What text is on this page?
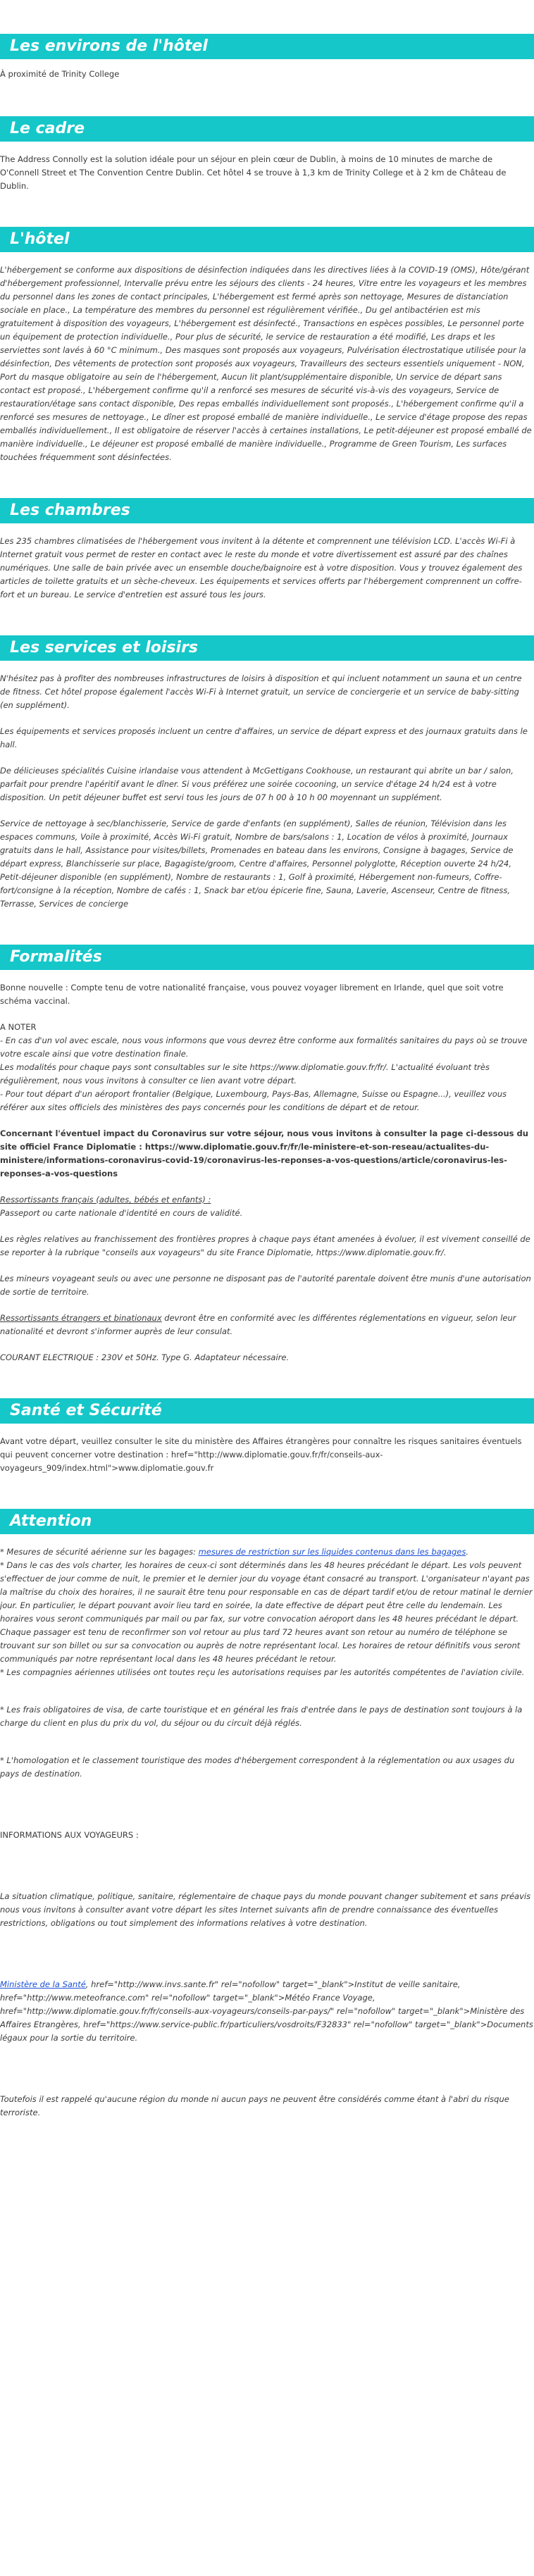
Les environs de l'hôtel

À proximité de Trinity College

Le cadre

The Address Connolly est la solution idéale pour un séjour en plein cœur de Dublin, à moins de 10 minutes de marche de O'Connell Street et The Convention Centre Dublin. Cet hôtel 4 se trouve à 1,3 km de Trinity College et à 2 km de Château de Dublin.

L'hôtel

L'hébergement se conforme aux dispositions de désinfection indiquées dans les directives liées à la COVID-19 (OMS), Hôte/gérant d'hébergement professionnel, Intervalle prévu entre les séjours des clients - 24 heures, Vitre entre les voyageurs et les membres du personnel dans les zones de contact principales, L'hébergement est fermé après son nettoyage, Mesures de distanciation sociale en place., La température des membres du personnel est régulièrement vérifiée., Du gel antibactérien est mis gratuitement à disposition des voyageurs, L'hébergement est désinfecté., Transactions en espèces possibles, Le personnel porte un équipement de protection individuelle., Pour plus de sécurité, le service de restauration a été modifié, Les draps et les serviettes sont lavés à 60 °C minimum., Des masques sont proposés aux voyageurs, Pulvérisation électrostatique utilisée pour la désinfection, Des vêtements de protection sont proposés aux voyageurs, Travailleurs des secteurs essentiels uniquement - NON, Port du masque obligatoire au sein de l'hébergement, Aucun lit plant/supplémentaire disponible, Un service de départ sans contact est proposé., L'hébergement confirme qu'il a renforcé ses mesures de sécurité vis-à-vis des voyageurs, Service de restauration/étage sans contact disponible, Des repas emballés individuellement sont proposés., L'hébergement confirme qu'il a renforcé ses mesures de nettoyage., Le dîner est proposé emballé de manière individuelle., Le service d'étage propose des repas emballés individuellement., Il est obligatoire de réserver l'accès à certaines installations, Le petit-déjeuner est proposé emballé de manière individuelle., Le déjeuner est proposé emballé de manière individuelle., Programme de Green Tourism, Les surfaces touchées fréquemment sont désinfectées.

Les chambres

Les 235 chambres climatisées de l'hébergement vous invitent à la détente et comprennent une télévision LCD. L'accès Wi-Fi à Internet gratuit vous permet de rester en contact avec le reste du monde et votre divertissement est assuré par des chaînes numériques. Une salle de bain privée avec un ensemble douche/baignoire est à votre disposition. Vous y trouvez également des articles de toilette gratuits et un sèche-cheveux. Les équipements et services offerts par l'hébergement comprennent un coffre-fort et un bureau. Le service d'entretien est assuré tous les jours.

Les services et loisirs

N'hésitez pas à profiter des nombreuses infrastructures de loisirs à disposition et qui incluent notamment un sauna et un centre de fitness. Cet hôtel propose également l'accès Wi-Fi à Internet gratuit, un service de conciergerie et un service de baby-sitting (en supplément).

Les équipements et services proposés incluent un centre d'affaires, un service de départ express et des journaux gratuits dans le hall.

De délicieuses spécialités Cuisine irlandaise vous attendent à McGettigans Cookhouse, un restaurant qui abrite un bar / salon, parfait pour prendre l'apéritif avant le dîner. Si vous préférez une soirée cocooning, un service d'étage 24 h/24 est à votre disposition. Un petit déjeuner buffet est servi tous les jours de 07 h 00 à 10 h 00 moyennant un supplément.

Service de nettoyage à sec/blanchisserie, Service de garde d'enfants (en supplément), Salles de réunion, Télévision dans les espaces communs, Voile à proximité, Accès Wi-Fi gratuit, Nombre de bars/salons : 1, Location de vélos à proximité, Journaux gratuits dans le hall, Assistance pour visites/billets, Promenades en bateau dans les environs, Consigne à bagages, Service de départ express, Blanchisserie sur place, Bagagiste/groom, Centre d'affaires, Personnel polyglotte, Réception ouverte 24 h/24, Petit-déjeuner disponible (en supplément), Nombre de restaurants : 1, Golf à proximité, Hébergement non-fumeurs, Coffre-fort/consigne à la réception, Nombre de cafés : 1, Snack bar et/ou épicerie fine, Sauna, Laverie, Ascenseur, Centre de fitness, Terrasse, Services de concierge

Formalités

Bonne nouvelle : Compte tenu de votre nationalité française, vous pouvez voyager librement en Irlande, quel que soit votre schéma vaccinal.

A NOTER

- En cas d'un vol avec escale, nous vous informons que vous devrez être conforme aux formalités sanitaires du pays où se trouve votre escale ainsi que votre destination finale.

Les modalités pour chaque pays sont consultables sur le site https://www.diplomatie.gouv.fr/fr/. L'actualité évoluant très régulièrement, nous vous invitons à consulter ce lien avant votre départ.

- Pour tout départ d'un aéroport frontalier (Belgique, Luxembourg, Pays-Bas, Allemagne, Suisse ou Espagne...), veuillez vous référer aux sites officiels des ministères des pays concernés pour les conditions de départ et de retour.

Concernant l'éventuel impact du Coronavirus sur votre séjour, nous vous invitons à consulter la page ci-dessous du site officiel France Diplomatie : https://www.diplomatie.gouv.fr/fr/le-ministere-et-son-reseau/actualites-du-ministere/informations-coronavirus-covid-19/coronavirus-les-reponses-a-vos-questions/article/coronavirus-les-reponses-a-vos-questions

Ressortissants français (adultes, bébés et enfants) :

Passeport ou carte nationale d'identité en cours de validité.

Les règles relatives au franchissement des frontières propres à chaque pays étant amenées à évoluer, il est vivement conseillé de se reporter à la rubrique "conseils aux voyageurs" du site France Diplomatie, https://www.diplomatie.gouv.fr/.

Les mineurs voyageant seuls ou avec une personne ne disposant pas de l'autorité parentale doivent être munis d'une autorisation de sortie de territoire.

Ressortissants étrangers et binationaux devront être en conformité avec les différentes réglementations en vigueur, selon leur nationalité et devront s'informer auprès de leur consulat.

COURANT ELECTRIQUE : 230V et 50Hz. Type G. Adaptateur nécessaire.

Santé et Sécurité

Avant votre départ, veuillez consulter le site du ministère des Affaires étrangères pour connaître les risques sanitaires éventuels qui peuvent concerner votre destination : href="http://www.diplomatie.gouv.fr/fr/conseils-aux-voyageurs_909/index.html">www.diplomatie.gouv.fr

Attention

* Mesures de sécurité aérienne sur les bagages: mesures de restriction sur les liquides contenus dans les bagages.

* Dans le cas des vols charter, les horaires de ceux-ci sont déterminés dans les 48 heures précédant le départ. Les vols peuvent s'effectuer de jour comme de nuit, le premier et le dernier jour du voyage étant consacré au transport. L'organisateur n'ayant pas la maîtrise du choix des horaires, il ne saurait être tenu pour responsable en cas de départ tardif et/ou de retour matinal le dernier jour. En particulier, le départ pouvant avoir lieu tard en soirée, la date effective de départ peut être celle du lendemain. Les horaires vous seront communiqués par mail ou par fax, sur votre convocation aéroport dans les 48 heures précédant le départ. Chaque passager est tenu de reconfirmer son vol retour au plus tard 72 heures avant son retour au numéro de téléphone se trouvant sur son billet ou sur sa convocation ou auprès de notre représentant local. Les horaires de retour définitifs vous seront communiqués par notre représentant local dans les 48 heures précédant le retour.

* Les compagnies aériennes utilisées ont toutes reçu les autorisations requises par les autorités compétentes de l'aviation civile.

* Les frais obligatoires de visa, de carte touristique et en général les frais d'entrée dans le pays de destination sont toujours à la charge du client en plus du prix du vol, du séjour ou du circuit déjà réglés.

* L'homologation et le classement touristique des modes d'hébergement correspondent à la réglementation ou aux usages du pays de destination.

INFORMATIONS AUX VOYAGEURS :

La situation climatique, politique, sanitaire, réglementaire de chaque pays du monde pouvant changer subitement et sans préavis nous vous invitons à consulter avant votre départ les sites Internet suivants afin de prendre connaissance des éventuelles restrictions, obligations ou tout simplement des informations relatives à votre destination.

Ministère de la Santé, href="http://www.invs.sante.fr" rel="nofollow" target="_blank">Institut de veille sanitaire, href="http://www.meteofrance.com" rel="nofollow" target="_blank">Météo France Voyage, href="http://www.diplomatie.gouv.fr/fr/conseils-aux-voyageurs/conseils-par-pays/" rel="nofollow" target="_blank">Ministère des Affaires Etrangères, href="https://www.service-public.fr/particuliers/vosdroits/F32833" rel="nofollow" target="_blank">Documents légaux pour la sortie du territoire.

Toutefois il est rappelé qu'aucune région du monde ni aucun pays ne peuvent être considérés comme étant à l'abri du risque terroriste.
